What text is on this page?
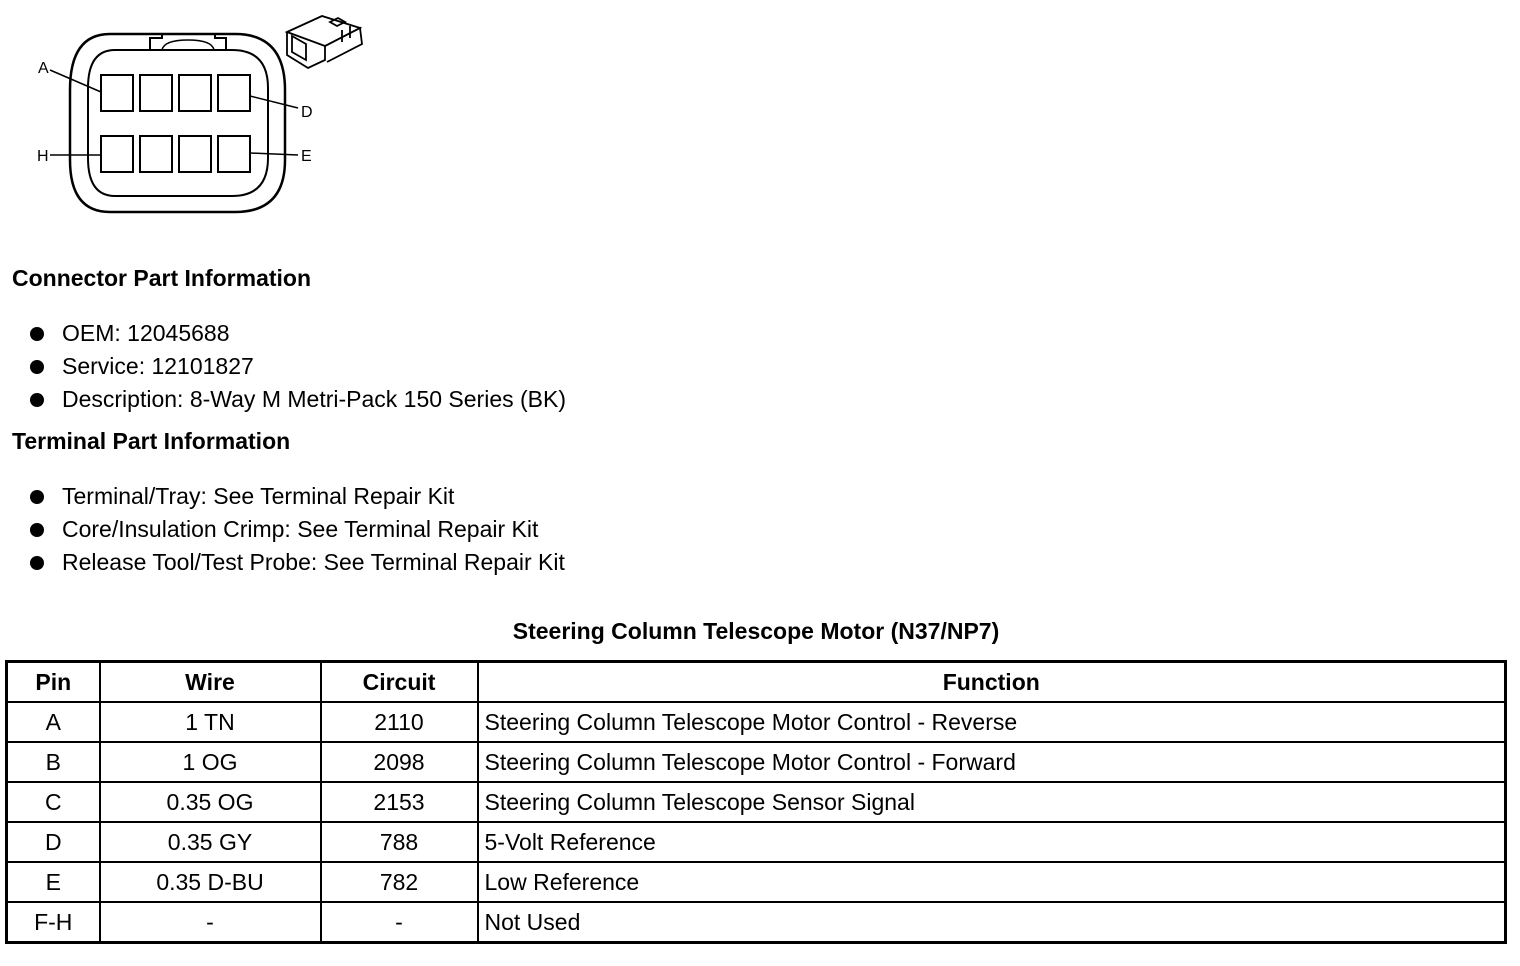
A
D
H	E
Connector Part Information
OEM: 12045688
Service: 12101827
Description: 8-Way M Metri-Pack 150 Series (BK)
Terminal Part Information
Terminal/Tray: See Terminal Repair Kit
Core/Insulation Crimp: See Terminal Repair Kit
Release Tool/Test Probe: See Terminal Repair Kit
Steering Column Telescope Motor (N37/NP7)
Pin	Wire	Circuit	Function
A	1 TN	2110	Steering Column Telescope Motor Control - Reverse
B	1 OG	2098	Steering Column Telescope Motor Control - Forward
C	0.35 OG	2153	Steering Column Telescope Sensor Signal
D	0.35 GY	788	5-Volt Reference
E	0.35 D-BU	782	Low Reference
F-H	-	-	Not Used
